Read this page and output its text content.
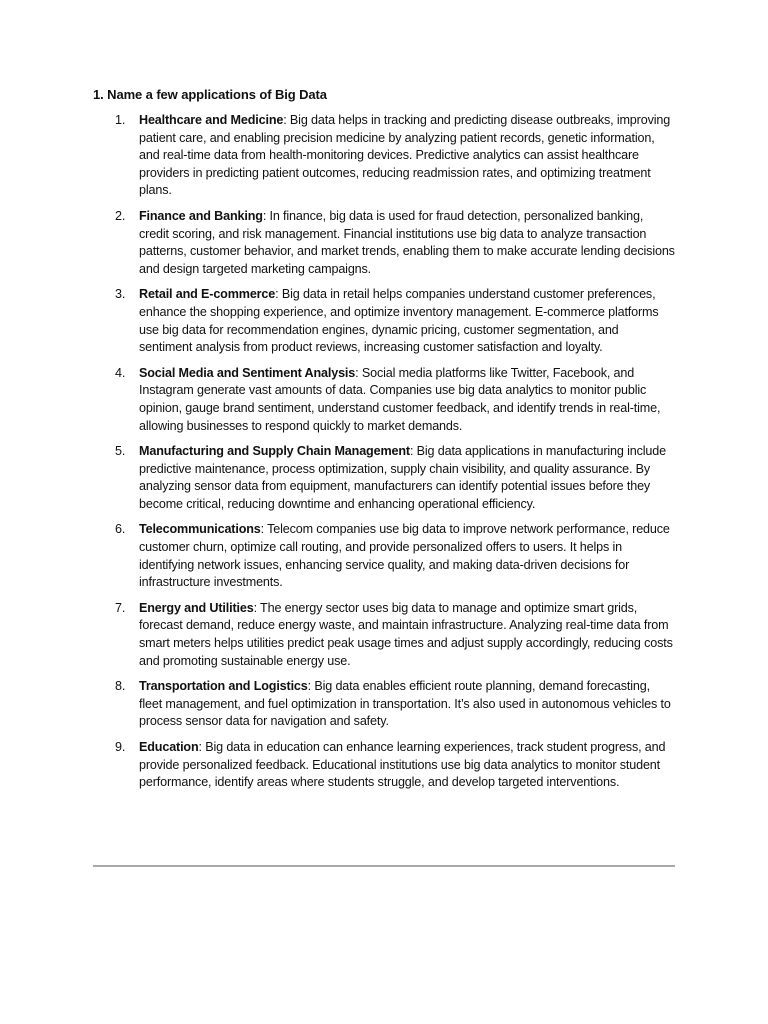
1. Name a few applications of Big Data
1.	Healthcare and Medicine: Big data helps in tracking and predicting disease outbreaks, improving patient care, and enabling precision medicine by analyzing patient records, genetic information, and real-time data from health-monitoring devices. Predictive analytics can assist healthcare providers in predicting patient outcomes, reducing readmission rates, and optimizing treatment plans.
2.	Finance and Banking: In finance, big data is used for fraud detection, personalized banking, credit scoring, and risk management. Financial institutions use big data to analyze transaction patterns, customer behavior, and market trends, enabling them to make accurate lending decisions and design targeted marketing campaigns.
3.	Retail and E-commerce: Big data in retail helps companies understand customer preferences, enhance the shopping experience, and optimize inventory management. E-commerce platforms use big data for recommendation engines, dynamic pricing, customer segmentation, and sentiment analysis from product reviews, increasing customer satisfaction and loyalty.
4.	Social Media and Sentiment Analysis: Social media platforms like Twitter, Facebook, and Instagram generate vast amounts of data. Companies use big data analytics to monitor public opinion, gauge brand sentiment, understand customer feedback, and identify trends in real-time, allowing businesses to respond quickly to market demands.
5.	Manufacturing and Supply Chain Management: Big data applications in manufacturing include predictive maintenance, process optimization, supply chain visibility, and quality assurance. By analyzing sensor data from equipment, manufacturers can identify potential issues before they become critical, reducing downtime and enhancing operational efficiency.
6.	Telecommunications: Telecom companies use big data to improve network performance, reduce customer churn, optimize call routing, and provide personalized offers to users. It helps in identifying network issues, enhancing service quality, and making data-driven decisions for infrastructure investments.
7.	Energy and Utilities: The energy sector uses big data to manage and optimize smart grids, forecast demand, reduce energy waste, and maintain infrastructure. Analyzing real-time data from smart meters helps utilities predict peak usage times and adjust supply accordingly, reducing costs and promoting sustainable energy use.
8.	Transportation and Logistics: Big data enables efficient route planning, demand forecasting, fleet management, and fuel optimization in transportation. It’s also used in autonomous vehicles to process sensor data for navigation and safety.
9.	Education: Big data in education can enhance learning experiences, track student progress, and provide personalized feedback. Educational institutions use big data analytics to monitor student performance, identify areas where students struggle, and develop targeted interventions.
